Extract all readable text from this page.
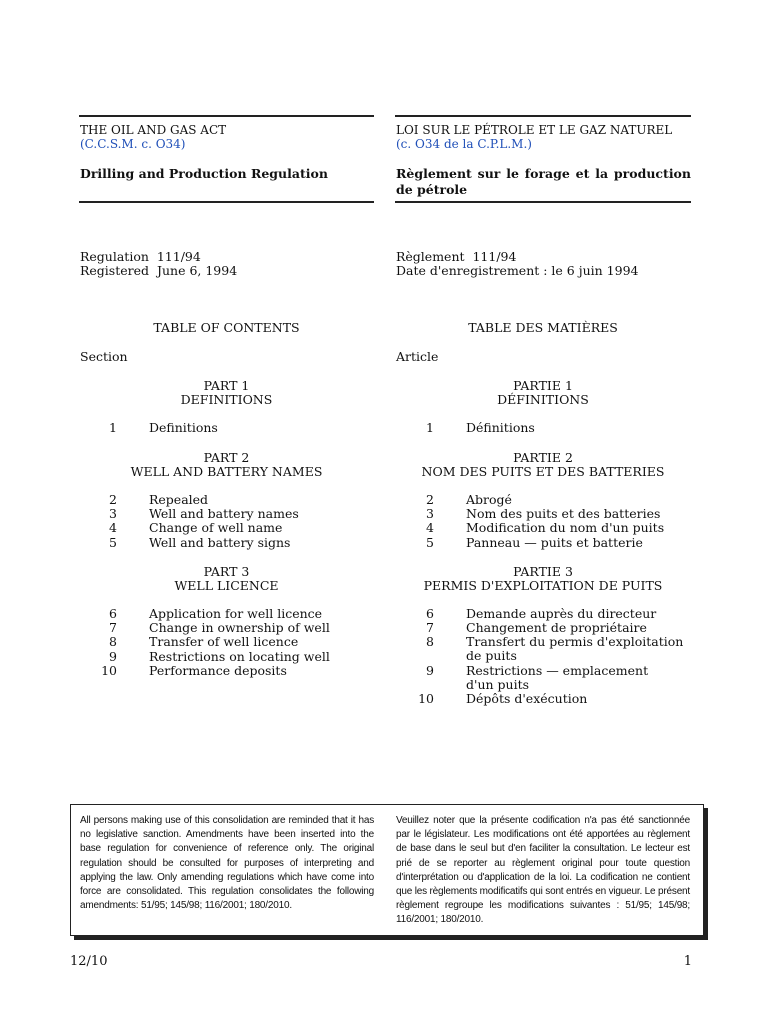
THE OIL AND GAS ACT
(C.C.S.M. c. O34)
LOI SUR LE PÉTROLE ET LE GAZ NATUREL
(c. O34 de la C.P.L.M.)
Drilling and Production Regulation	Règlement sur le forage et la production de pétrole
Regulation  111/94
Registered  June 6, 1994
Règlement  111/94
Date d'enregistrement : le 6 juin 1994
TABLE OF CONTENTS	TABLE DES MATIÈRES
Section	Article
PART 1
DEFINITIONS
1	Definitions
PART 2
WELL AND BATTERY NAMES
2	Repealed
3	Well and battery names
4	Change of well name
5	Well and battery signs
PART 3
WELL LICENCE
6	Application for well licence
7	Change in ownership of well
8	Transfer of well licence
9	Restrictions on locating well
10	Performance deposits
PARTIE 1
DÉFINITIONS
1	Définitions
PARTIE 2
NOM DES PUITS ET DES BATTERIES
2	Abrogé
3	Nom des puits et des batteries
4	Modification du nom d'un puits
5	Panneau — puits et batterie
PARTIE 3
PERMIS D'EXPLOITATION DE PUITS
6	Demande auprès du directeur
7	Changement de propriétaire
8	Transfert du permis d'exploitation de puits
9	Restrictions — emplacement d'un puits
10	Dépôts d'exécution
All persons making use of this consolidation are reminded that it has no legislative sanction. Amendments have been inserted into the base regulation for convenience of reference only. The original regulation should be consulted for purposes of interpreting and applying the law. Only amending regulations which have come into force are consolidated. This regulation consolidates the following amendments: 51/95; 145/98; 116/2001; 180/2010.
Veuillez noter que la présente codification n'a pas été sanctionnée par le législateur. Les modifications ont été apportées au règlement de base dans le seul but d'en faciliter la consultation. Le lecteur est prié de se reporter au règlement original pour toute question d'interprétation ou d'application de la loi. La codification ne contient que les règlements modificatifs qui sont entrés en vigueur. Le présent règlement regroupe les modifications suivantes : 51/95; 145/98; 116/2001; 180/2010.
12/10	1
